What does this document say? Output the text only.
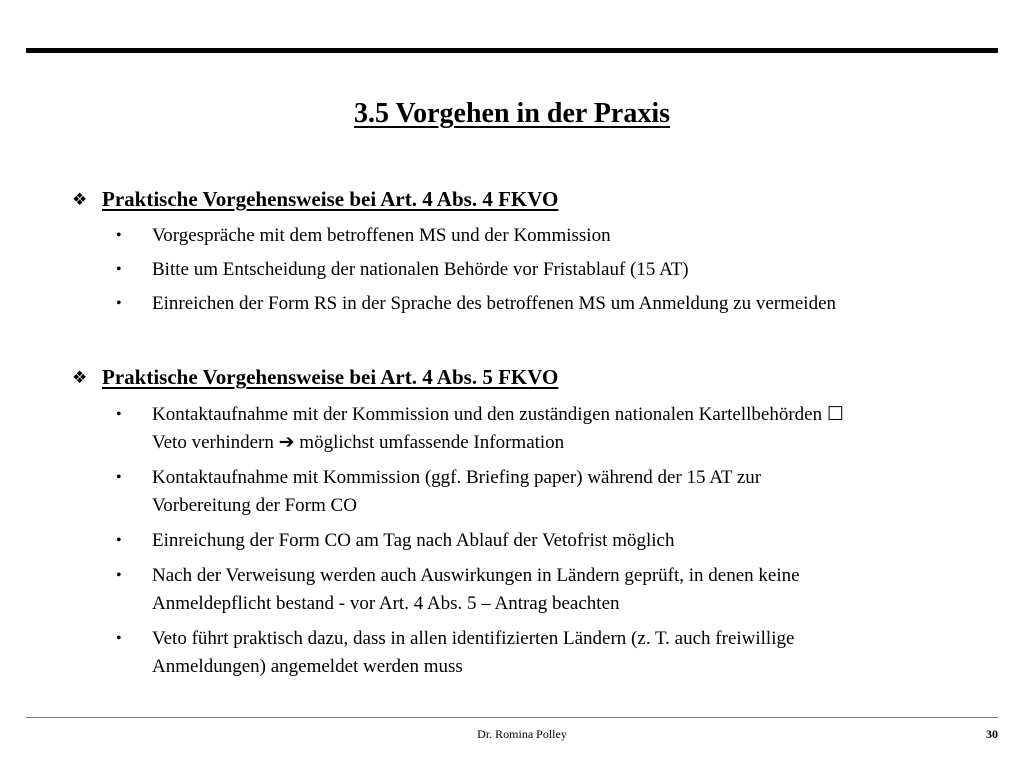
3.5 Vorgehen in der Praxis
❖ Praktische Vorgehensweise bei Art. 4 Abs. 4 FKVO
• Vorgespräche mit dem betroffenen MS und der Kommission
• Bitte um Entscheidung der nationalen Behörde vor Fristablauf (15 AT)
• Einreichen der Form RS in der Sprache des betroffenen MS um Anmeldung zu vermeiden
❖ Praktische Vorgehensweise bei Art. 4 Abs. 5 FKVO
• Kontaktaufnahme mit der Kommission und den zuständigen nationalen Kartellbehörden ☐
Veto verhindern ➔ möglichst umfassende Information
• Kontaktaufnahme mit Kommission (ggf. Briefing paper) während der 15 AT zur
Vorbereitung der Form CO
• Einreichung der Form CO am Tag nach Ablauf der Vetofrist möglich
• Nach der Verweisung werden auch Auswirkungen in Ländern geprüft, in denen keine
Anmeldepflicht bestand - vor Art. 4 Abs. 5 – Antrag beachten
• Veto führt praktisch dazu, dass in allen identifizierten Ländern (z. T. auch freiwillige
Anmeldungen) angemeldet werden muss
Dr. Romina Polley	30
